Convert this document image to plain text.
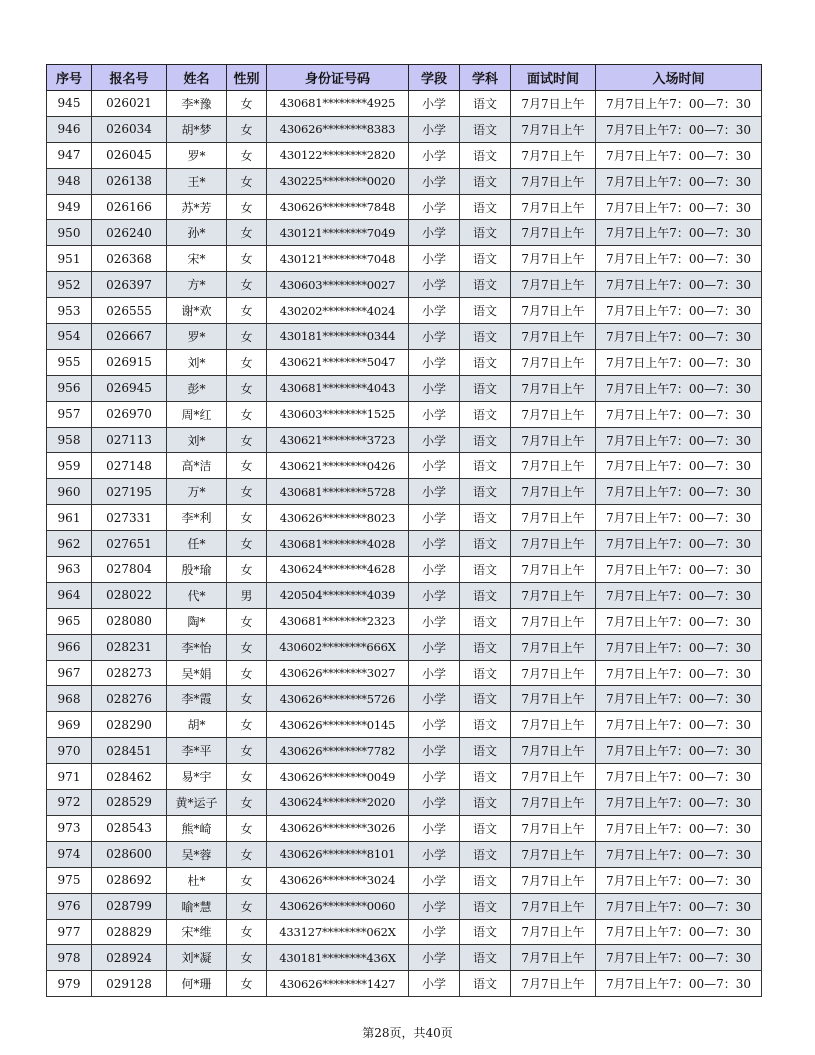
序号	报名号	姓名	性别	身份证号码	学段	学科	面试时间	入场时间
945	026021	李*豫	女	430681********4925	小学	语文	7月7日上午	7月7日上午7：00—7：30
946	026034	胡*梦	女	430626********8383	小学	语文	7月7日上午	7月7日上午7：00—7：30
947	026045	罗*	女	430122********2820	小学	语文	7月7日上午	7月7日上午7：00—7：30
948	026138	王*	女	430225********0020	小学	语文	7月7日上午	7月7日上午7：00—7：30
949	026166	苏*芳	女	430626********7848	小学	语文	7月7日上午	7月7日上午7：00—7：30
950	026240	孙*	女	430121********7049	小学	语文	7月7日上午	7月7日上午7：00—7：30
951	026368	宋*	女	430121********7048	小学	语文	7月7日上午	7月7日上午7：00—7：30
952	026397	方*	女	430603********0027	小学	语文	7月7日上午	7月7日上午7：00—7：30
953	026555	谢*欢	女	430202********4024	小学	语文	7月7日上午	7月7日上午7：00—7：30
954	026667	罗*	女	430181********0344	小学	语文	7月7日上午	7月7日上午7：00—7：30
955	026915	刘*	女	430621********5047	小学	语文	7月7日上午	7月7日上午7：00—7：30
956	026945	彭*	女	430681********4043	小学	语文	7月7日上午	7月7日上午7：00—7：30
957	026970	周*红	女	430603********1525	小学	语文	7月7日上午	7月7日上午7：00—7：30
958	027113	刘*	女	430621********3723	小学	语文	7月7日上午	7月7日上午7：00—7：30
959	027148	高*洁	女	430621********0426	小学	语文	7月7日上午	7月7日上午7：00—7：30
960	027195	万*	女	430681********5728	小学	语文	7月7日上午	7月7日上午7：00—7：30
961	027331	李*利	女	430626********8023	小学	语文	7月7日上午	7月7日上午7：00—7：30
962	027651	任*	女	430681********4028	小学	语文	7月7日上午	7月7日上午7：00—7：30
963	027804	殷*瑜	女	430624********4628	小学	语文	7月7日上午	7月7日上午7：00—7：30
964	028022	代*	男	420504********4039	小学	语文	7月7日上午	7月7日上午7：00—7：30
965	028080	陶*	女	430681********2323	小学	语文	7月7日上午	7月7日上午7：00—7：30
966	028231	李*怡	女	430602********666X	小学	语文	7月7日上午	7月7日上午7：00—7：30
967	028273	吴*娟	女	430626********3027	小学	语文	7月7日上午	7月7日上午7：00—7：30
968	028276	李*霞	女	430626********5726	小学	语文	7月7日上午	7月7日上午7：00—7：30
969	028290	胡*	女	430626********0145	小学	语文	7月7日上午	7月7日上午7：00—7：30
970	028451	李*平	女	430626********7782	小学	语文	7月7日上午	7月7日上午7：00—7：30
971	028462	易*宇	女	430626********0049	小学	语文	7月7日上午	7月7日上午7：00—7：30
972	028529	黄*运子	女	430624********2020	小学	语文	7月7日上午	7月7日上午7：00—7：30
973	028543	熊*崎	女	430626********3026	小学	语文	7月7日上午	7月7日上午7：00—7：30
974	028600	吴*蓉	女	430626********8101	小学	语文	7月7日上午	7月7日上午7：00—7：30
975	028692	杜*	女	430626********3024	小学	语文	7月7日上午	7月7日上午7：00—7：30
976	028799	喻*慧	女	430626********0060	小学	语文	7月7日上午	7月7日上午7：00—7：30
977	028829	宋*维	女	433127********062X	小学	语文	7月7日上午	7月7日上午7：00—7：30
978	028924	刘*凝	女	430181********436X	小学	语文	7月7日上午	7月7日上午7：00—7：30
979	029128	何*珊	女	430626********1427	小学	语文	7月7日上午	7月7日上午7：00—7：30
第28页，共40页
